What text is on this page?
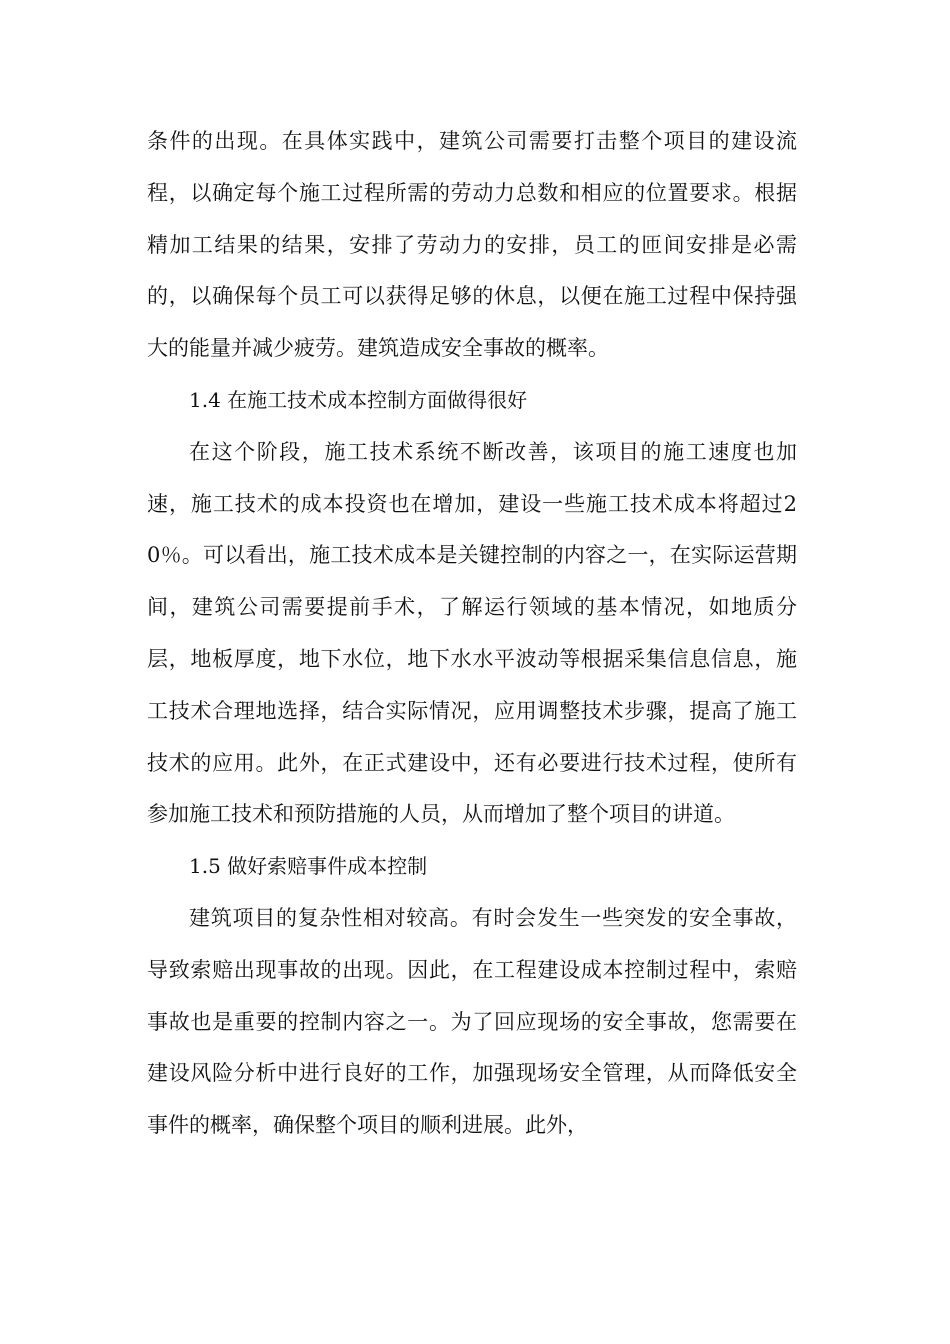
条件的出现。在具体实践中，建筑公司需要打击整个项目的建设流程，以确定每个施工过程所需的劳动力总数和相应的位置要求。根据精加工结果的结果，安排了劳动力的安排，员工的匝间安排是必需的，以确保每个员工可以获得足够的休息，以便在施工过程中保持强大的能量并减少疲劳。建筑造成安全事故的概率。

1.4 在施工技术成本控制方面做得很好

在这个阶段，施工技术系统不断改善，该项目的施工速度也加速，施工技术的成本投资也在增加，建设一些施工技术成本将超过20％。可以看出，施工技术成本是关键控制的内容之一，在实际运营期间，建筑公司需要提前手术，了解运行领域的基本情况，如地质分层，地板厚度，地下水位，地下水水平波动等根据采集信息信息，施工技术合理地选择，结合实际情况，应用调整技术步骤，提高了施工技术的应用。此外，在正式建设中，还有必要进行技术过程，使所有参加施工技术和预防措施的人员，从而增加了整个项目的讲道。

1.5 做好索赔事件成本控制

建筑项目的复杂性相对较高。有时会发生一些突发的安全事故，导致索赔出现事故的出现。因此，在工程建设成本控制过程中，索赔事故也是重要的控制内容之一。为了回应现场的安全事故，您需要在建设风险分析中进行良好的工作，加强现场安全管理，从而降低安全事件的概率，确保整个项目的顺利进展。此外，
